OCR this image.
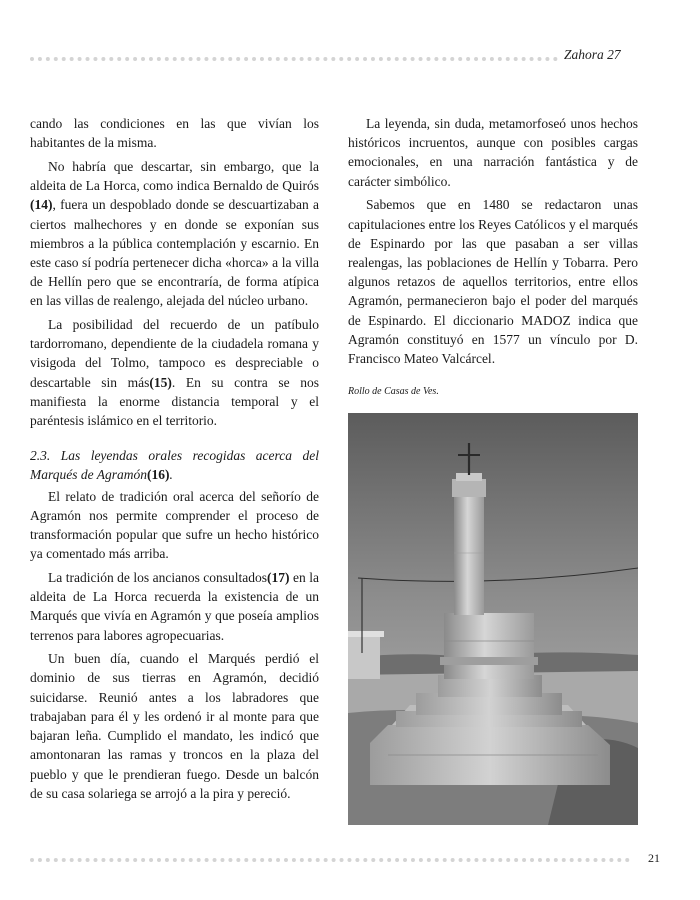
Zahora 27

cando las condiciones en las que vivían los habitantes de la misma.

No habría que descartar, sin embargo, que la aldeita de La Horca, como indica Bernaldo de Quirós (14), fuera un despoblado donde se descuartizaban a ciertos malhechores y en donde se exponían sus miembros a la pública contemplación y escarnio. En este caso sí podría pertenecer dicha «horca» a la villa de Hellín pero que se encontraría, de forma atípica en las villas de realengo, alejada del núcleo urbano.

La posibilidad del recuerdo de un patíbulo tardorromano, dependiente de la ciudadela romana y visigoda del Tolmo, tampoco es despreciable o descartable sin más(15). En su contra se nos manifiesta la enorme distancia temporal y el paréntesis islámico en el territorio.

2.3. Las leyendas orales recogidas acerca del Marqués de Agramón(16).

El relato de tradición oral acerca del señorío de Agramón nos permite comprender el proceso de transformación popular que sufre un hecho histórico ya comentado más arriba.

La tradición de los ancianos consultados(17) en la aldeita de La Horca recuerda la existencia de un Marqués que vivía en Agramón y que poseía amplios terrenos para labores agropecuarias.

Un buen día, cuando el Marqués perdió el dominio de sus tierras en Agramón, decidió suicidarse. Reunió antes a los labradores que trabajaban para él y les ordenó ir al monte para que bajaran leña. Cumplido el mandato, les indicó que amontonaran las ramas y troncos en la plaza del pueblo y que le prendieran fuego. Desde un balcón de su casa solariega se arrojó a la pira y pereció.

La leyenda, sin duda, metamorfoseó unos hechos históricos incruentos, aunque con posibles cargas emocionales, en una narración fantástica y de carácter simbólico.

Sabemos que en 1480 se redactaron unas capitulaciones entre los Reyes Católicos y el marqués de Espinardo por las que pasaban a ser villas realengas, las poblaciones de Hellín y Tobarra. Pero algunos retazos de aquellos territorios, entre ellos Agramón, permanecieron bajo el poder del marqués de Espinardo. El diccionario MADOZ indica que Agramón constituyó en 1577 un vínculo por D. Francisco Mateo Valcárcel.

Rollo de Casas de Ves.
21
